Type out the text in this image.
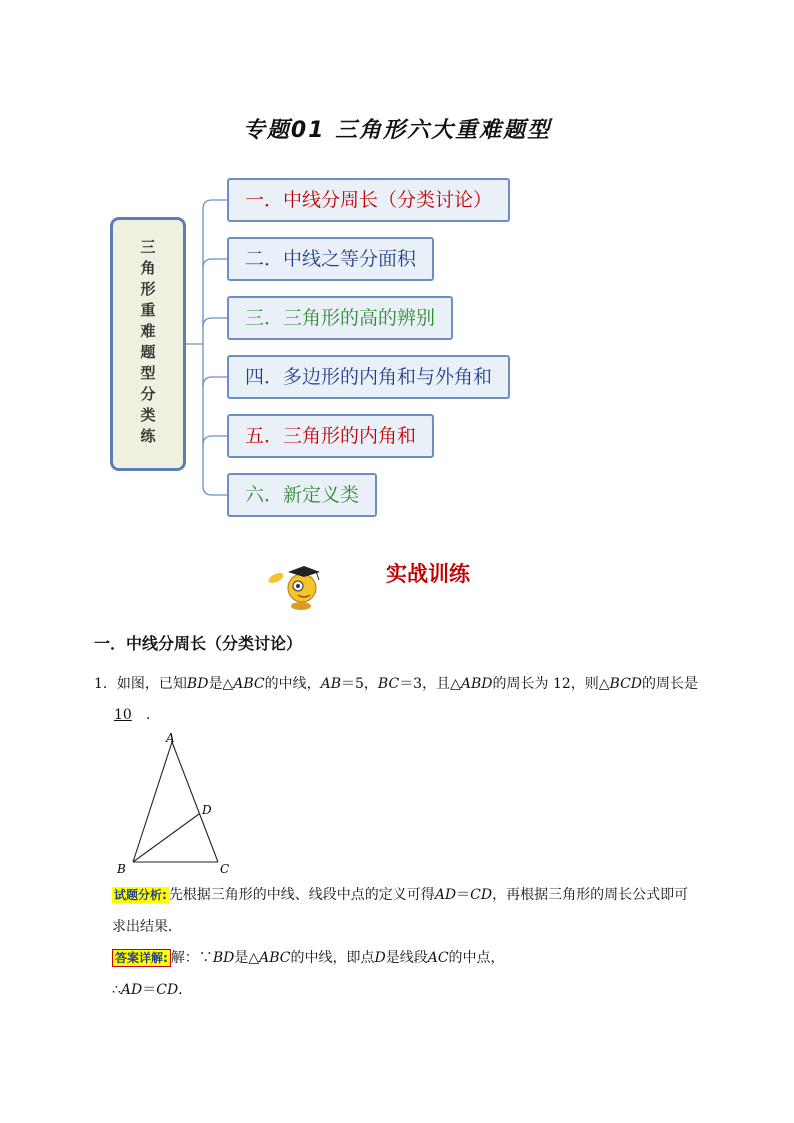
专题01 三角形六大重难题型
三角形重难题型分类练
一．中线分周长（分类讨论）
二．中线之等分面积
三．三角形的高的辨别
四．多边形的内角和与外角和
五．三角形的内角和
六．新定义类
实战训练
一．中线分周长（分类讨论）
1．如图，已知BD是△ABC的中线，AB＝5，BC＝3，且△ABD的周长为 12，则△BCD的周长是
10 ．
A
B	C
D
试题分析: 先根据三角形的中线、线段中点的定义可得AD＝CD，再根据三角形的周长公式即可
求出结果．
答案详解: 解：∵BD是△ABC的中线，即点D是线段AC的中点，
∴AD＝CD．
